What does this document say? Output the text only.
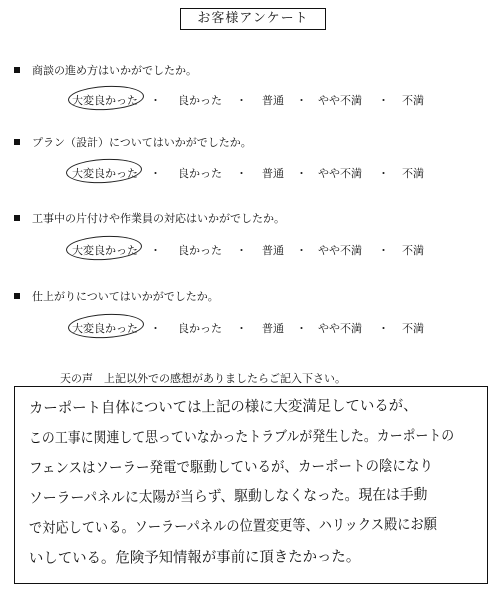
お客様アンケート
商談の進め方はいかがでしたか。
大変良かった ・ 良かった ・ 普通 ・ やや不満 ・ 不満
プラン（設計）についてはいかがでしたか。
大変良かった ・ 良かった ・ 普通 ・ やや不満 ・ 不満
工事中の片付けや作業員の対応はいかがでしたか。
大変良かった ・ 良かった ・ 普通 ・ やや不満 ・ 不満
仕上がりについてはいかがでしたか。
大変良かった ・ 良かった ・ 普通 ・ やや不満 ・ 不満
天の声　上記以外での感想がありましたらご記入下さい。
カーポート自体については上記の様に大変満足しているが、
この工事に関連して思っていなかったトラブルが発生した。カーポートの
フェンスはソーラー発電で駆動しているが、カーポートの陰になり
ソーラーパネルに太陽が当らず、駆動しなくなった。現在は手動
で対応している。ソーラーパネルの位置変更等、ハリックス殿にお願
いしている。危険予知情報が事前に頂きたかった。
